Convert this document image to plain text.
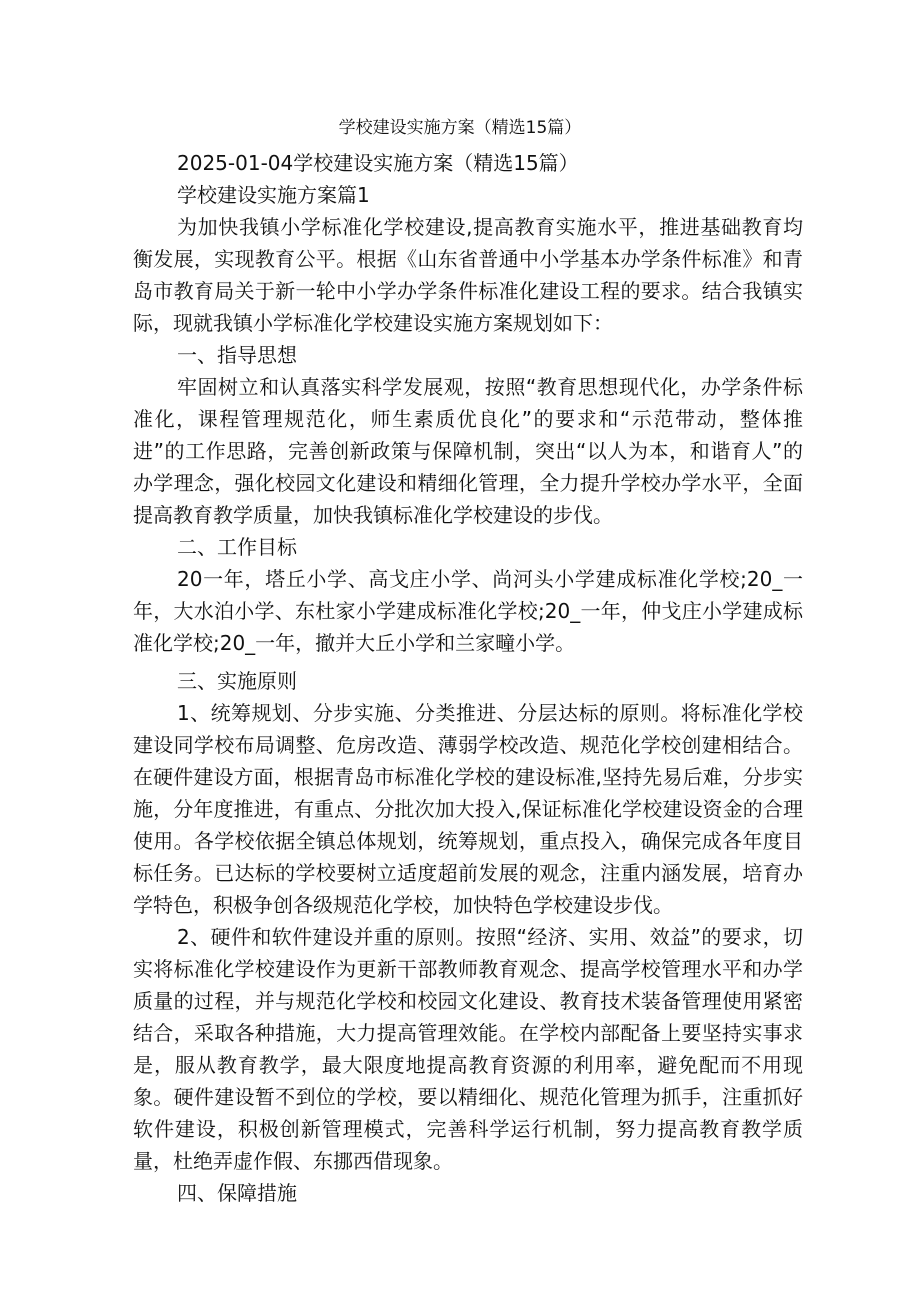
学校建设实施方案（精选15篇）
2025-01-04学校建设实施方案（精选15篇）
学校建设实施方案篇1
为加快我镇小学标准化学校建设,提高教育实施水平，推进基础教育均衡发展，实现教育公平。根据《山东省普通中小学基本办学条件标准》和青岛市教育局关于新一轮中小学办学条件标准化建设工程的要求。结合我镇实际，现就我镇小学标准化学校建设实施方案规划如下：
一、指导思想
牢固树立和认真落实科学发展观，按照“教育思想现代化，办学条件标准化，课程管理规范化，师生素质优良化”的要求和“示范带动，整体推进”的工作思路，完善创新政策与保障机制，突出“以人为本，和谐育人”的办学理念，强化校园文化建设和精细化管理，全力提升学校办学水平，全面提高教育教学质量，加快我镇标准化学校建设的步伐。
二、工作目标
20一年，塔丘小学、高戈庄小学、尚河头小学建成标准化学校;20_一年，大水泊小学、东杜家小学建成标准化学校;20_一年，仲戈庄小学建成标准化学校;20_一年，撤并大丘小学和兰家疃小学。
三、实施原则
1、统筹规划、分步实施、分类推进、分层达标的原则。将标准化学校建设同学校布局调整、危房改造、薄弱学校改造、规范化学校创建相结合。在硬件建设方面，根据青岛市标准化学校的建设标准,坚持先易后难，分步实施，分年度推进，有重点、分批次加大投入,保证标准化学校建设资金的合理使用。各学校依据全镇总体规划，统筹规划，重点投入，确保完成各年度目标任务。已达标的学校要树立适度超前发展的观念，注重内涵发展，培育办学特色，积极争创各级规范化学校，加快特色学校建设步伐。
2、硬件和软件建设并重的原则。按照“经济、实用、效益”的要求，切实将标准化学校建设作为更新干部教师教育观念、提高学校管理水平和办学质量的过程，并与规范化学校和校园文化建设、教育技术装备管理使用紧密结合，采取各种措施，大力提高管理效能。在学校内部配备上要坚持实事求是，服从教育教学，最大限度地提高教育资源的利用率，避免配而不用现象。硬件建设暂不到位的学校，要以精细化、规范化管理为抓手，注重抓好软件建设，积极创新管理模式，完善科学运行机制，努力提高教育教学质量，杜绝弄虚作假、东挪西借现象。
四、保障措施
